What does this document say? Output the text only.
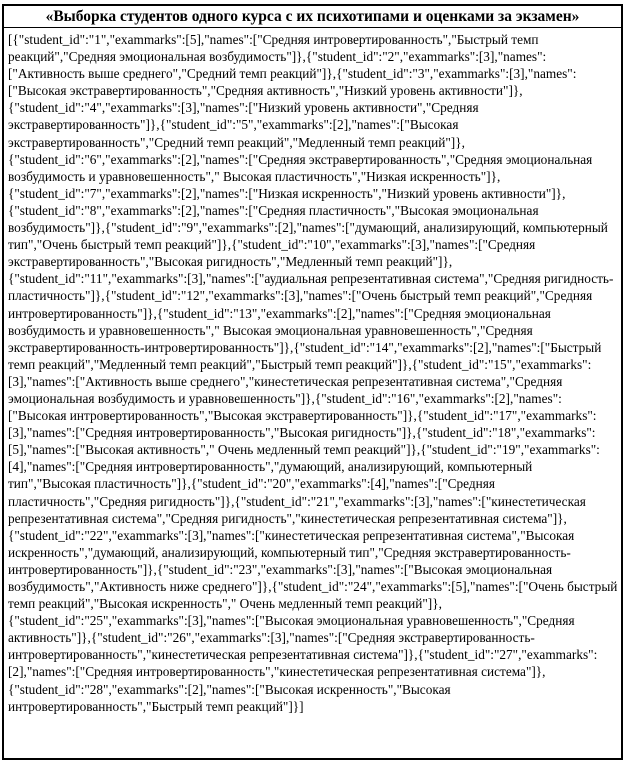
«Выборка студентов одного курса с их психотипами и оценками за экзамен»
[{"student_id":"1","exammarks":[5],"names":["Средняя интровертированность","Быстрый темп реакций","Средняя эмоциональная возбудимость"]},{"student_id":"2","exammarks":[3],"names":["Активность выше среднего","Средний темп реакций"]},{"student_id":"3","exammarks":[3],"names":["Высокая экстравертированность","Средняя активность","Низкий уровень активности"]},{"student_id":"4","exammarks":[3],"names":["Низкий уровень активности","Средняя экстравертированность"]},{"student_id":"5","exammarks":[2],"names":["Высокая экстравертированность","Средний темп реакций","Медленный темп реакций"]},{"student_id":"6","exammarks":[2],"names":["Средняя экстравертированность","Средняя эмоциональная возбудимость и уравновешенность"," Высокая пластичность","Низкая искренность"]},{"student_id":"7","exammarks":[2],"names":["Низкая искренность","Низкий уровень активности"]},{"student_id":"8","exammarks":[2],"names":["Средняя пластичность","Высокая эмоциональная возбудимость"]},{"student_id":"9","exammarks":[2],"names":["думающий, анализирующий, компьютерный тип","Очень быстрый темп реакций"]},{"student_id":"10","exammarks":[3],"names":["Средняя экстравертированность","Высокая ригидность","Медленный темп реакций"]},{"student_id":"11","exammarks":[3],"names":["аудиальная репрезентативная система","Средняя ригидность-пластичность"]},{"student_id":"12","exammarks":[3],"names":["Очень быстрый темп реакций","Средняя интровертированность"]},{"student_id":"13","exammarks":[2],"names":["Средняя эмоциональная возбудимость и уравновешенность"," Высокая эмоциональная уравновешенность","Средняя экстравертированность-интровертированность"]},{"student_id":"14","exammarks":[2],"names":["Быстрый темп реакций","Медленный темп реакций","Быстрый темп реакций"]},{"student_id":"15","exammarks":[3],"names":["Активность выше среднего","кинестетическая репрезентативная система","Средняя эмоциональная возбудимость и уравновешенность"]},{"student_id":"16","exammarks":[2],"names":["Высокая интровертированность","Высокая экстравертированность"]},{"student_id":"17","exammarks":[3],"names":["Средняя интровертированность","Высокая ригидность"]},{"student_id":"18","exammarks":[5],"names":["Высокая активность"," Очень медленный темп реакций"]},{"student_id":"19","exammarks":[4],"names":["Средняя интровертированность","думающий, анализирующий, компьютерный тип","Высокая пластичность"]},{"student_id":"20","exammarks":[4],"names":["Средняя пластичность","Средняя ригидность"]},{"student_id":"21","exammarks":[3],"names":["кинестетическая репрезентативная система","Средняя ригидность","кинестетическая репрезентативная система"]},{"student_id":"22","exammarks":[3],"names":["кинестетическая репрезентативная система","Высокая искренность","думающий, анализирующий, компьютерный тип","Средняя экстравертированность-интровертированность"]},{"student_id":"23","exammarks":[3],"names":["Высокая эмоциональная возбудимость","Активность ниже среднего"]},{"student_id":"24","exammarks":[5],"names":["Очень быстрый темп реакций","Высокая искренность"," Очень медленный темп реакций"]},{"student_id":"25","exammarks":[3],"names":["Высокая эмоциональная уравновешенность","Средняя активность"]},{"student_id":"26","exammarks":[3],"names":["Средняя экстравертированность-интровертированность","кинестетическая репрезентативная система"]},{"student_id":"27","exammarks":[2],"names":["Средняя интровертированность","кинестетическая репрезентативная система"]},{"student_id":"28","exammarks":[2],"names":["Высокая искренность","Высокая интровертированность","Быстрый темп реакций"]}]
